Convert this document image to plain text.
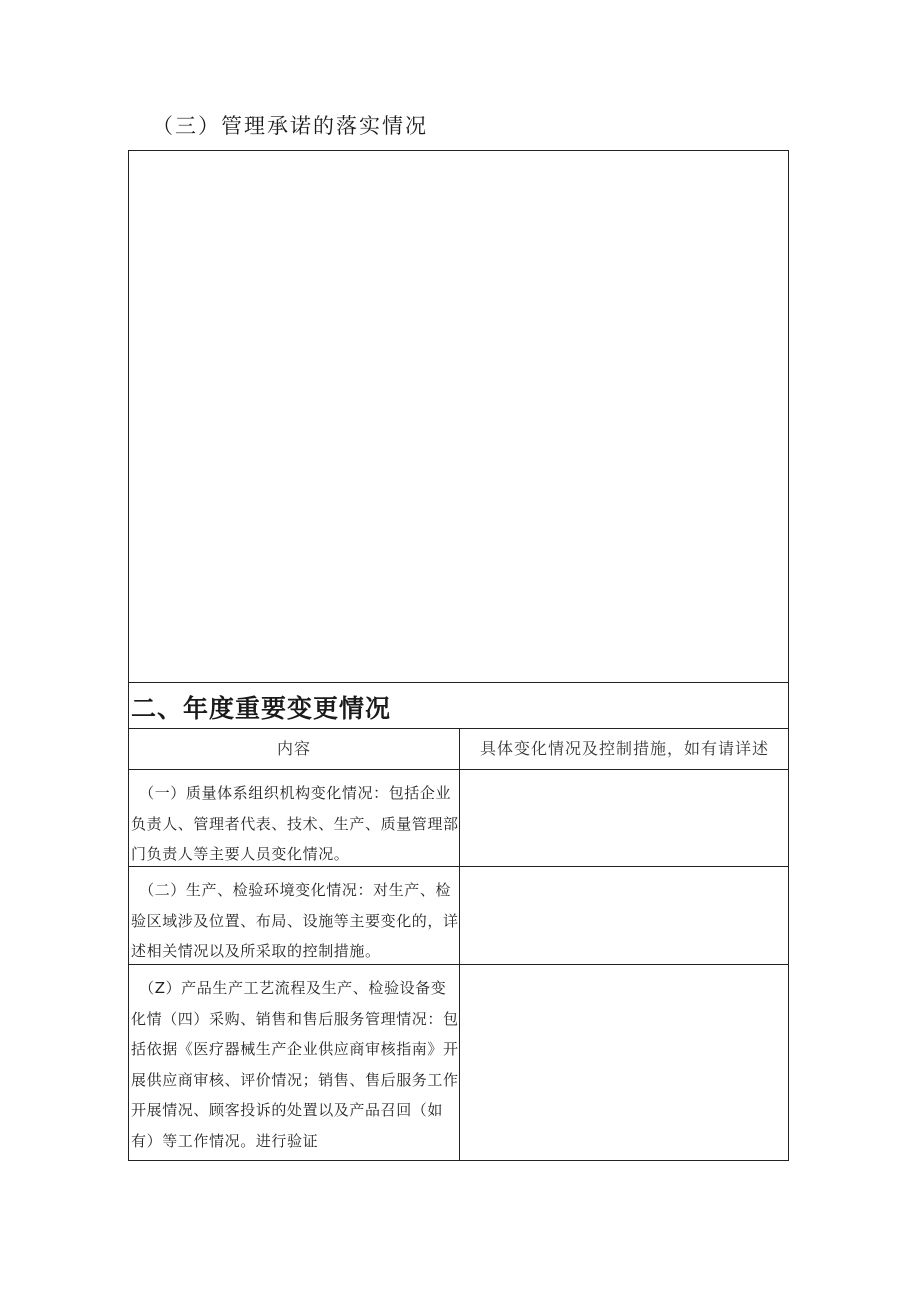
（三）管理承诺的落实情况
二、年度重要变更情况
内容	具体变化情况及控制措施，如有请详述
　（一）质量体系组织机构变化情况：包括企业
负责人、管理者代表、技术、生产、质量管理部
门负责人等主要人员变化情况。
　（二）生产、检验环境变化情况：对生产、检
验区域涉及位置、布局、设施等主要变化的，详
述相关情况以及所采取的控制措施。
　（Z）产品生产工艺流程及生产、检验设备变
化情（四）采购、销售和售后服务管理情况：包
括依据《医疗器械生产企业供应商审核指南》开
展供应商审核、评价情况；销售、售后服务工作
开展情况、顾客投诉的处置以及产品召回（如
有）等工作情况。进行验证
